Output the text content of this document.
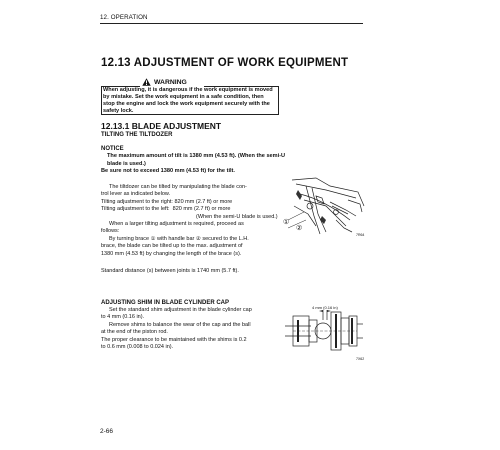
12. OPERATION
12.13 ADJUSTMENT OF WORK EQUIPMENT
WARNING
When adjusting, it is dangerous if the work equipment is moved by mistake. Set the work equipment in a safe condition, then stop the engine and lock the work equipment securely with the safety lock.
12.13.1 BLADE ADJUSTMENT
TILTING THE TILTDOZER
NOTICE
The maximum amount of tilt is 1380 mm (4.53 ft). (When the semi-U blade is used.)
Be sure not to exceed 1380 mm (4.53 ft) for the tilt.
The tiltdozer can be tilted by manipulating the blade con-
trol lever as indicated below.
Tilting adjustment to the right: 820 mm (2.7 ft) or more
Tilting adjustment to the left:  820 mm (2.7 ft) or more
(When the semi-U blade is used.)
When a larger tilting adjustment is required, proceed as
follows:
By turning brace ① with handle bar ② secured to the L.H.
brace, the blade can be tilted up to the max. adjustment of
1380 mm (4.53 ft) by changing the length of the brace (s).
Standard distance (s) between joints is 1740 mm (5.7 ft).
ADJUSTING SHIM IN BLADE CYLINDER CAP
Set the standard shim adjustment in the blade cylinder cap
to 4 mm (0.16 in).
Remove shims to balance the wear of the cap and the ball
at the end of the piston rod.
The proper clearance to be maintained with the shims is 0.2
to 0.6 mm (0.008 to 0.024 in).
①
②
7R64
4 mm (0.16 in)
7X62
2-66
